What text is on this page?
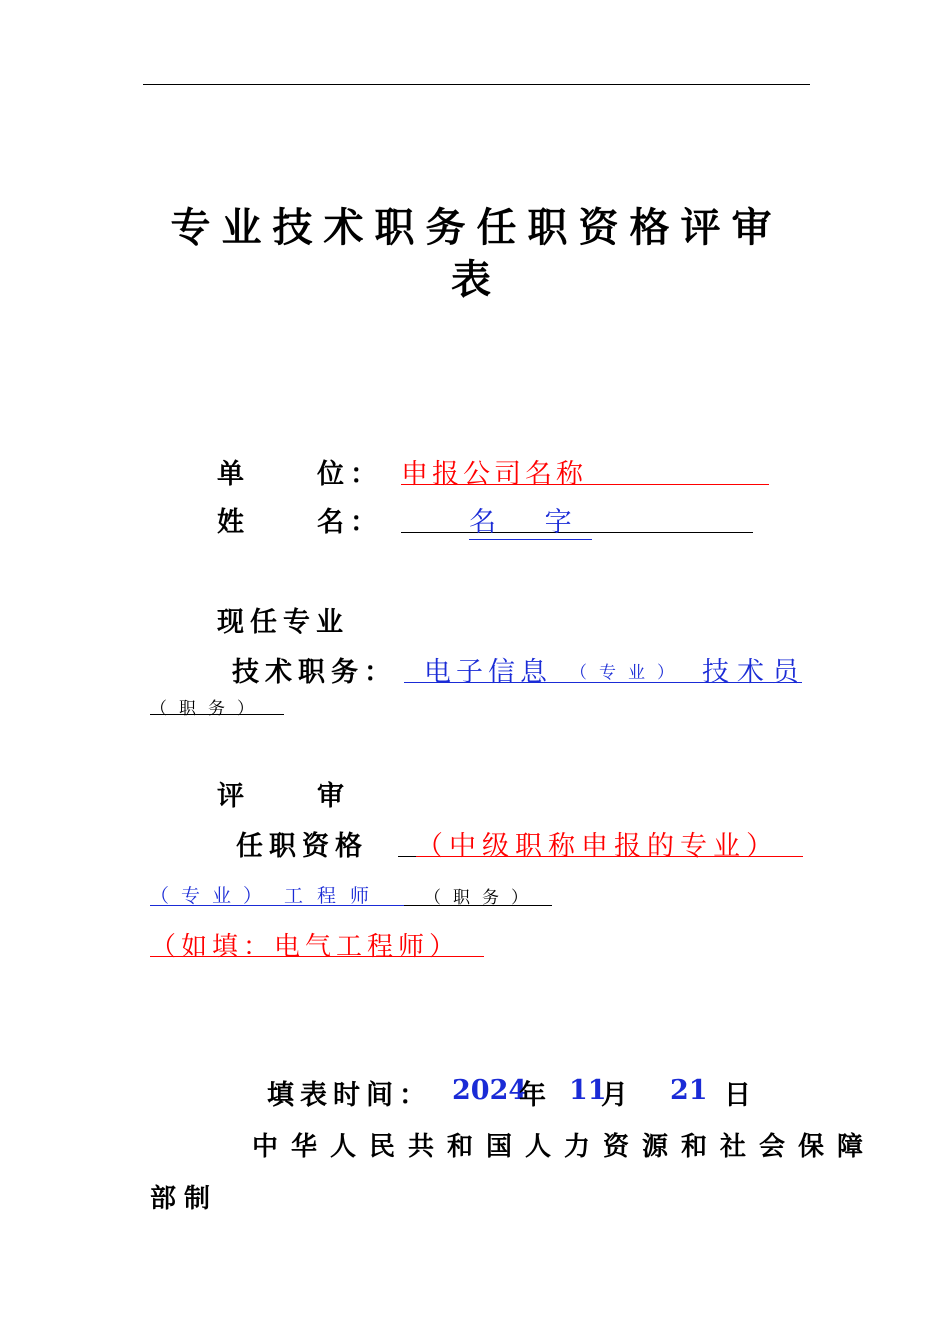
专业技术职务任职资格评审
表
单 位： 申报公司名称
姓 名：	名 字
现任专业
技术职务： 电子信息 （专业） 技术员
（职务）
评 审
任职资格 （中级职称申报的专业）
（专业） 工程师 （职务）
（如填：电气工程师）
填表时间： 2024
年 11
月 21 日
中华人民共和国人力资源和社会保障
部制
